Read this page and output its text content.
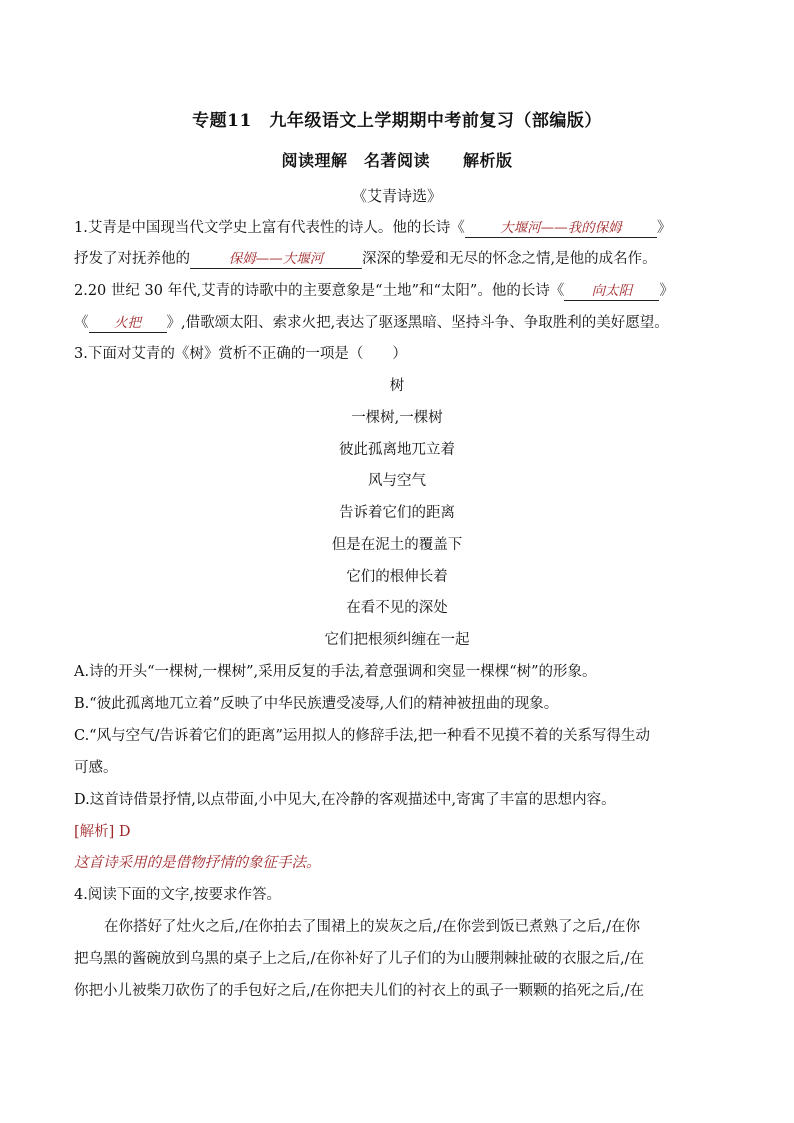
专题11　九年级语文上学期期中考前复习（部编版）
阅读理解　名著阅读　　解析版
《艾青诗选》
1.艾青是中国现当代文学史上富有代表性的诗人。他的长诗《	大堰河——我的保姆 》
抒发了对抚养他的	保姆——大堰河	深深的挚爱和无尽的怀念之情,是他的成名作。
2.20 世纪 30 年代,艾青的诗歌中的主要意象是“土地”和“太阳”。他的长诗《 向太阳 》
《 火把 》,借歌颂太阳、索求火把,表达了驱逐黑暗、坚持斗争、争取胜利的美好愿望。
3.下面对艾青的《树》赏析不正确的一项是（　　）
树
一棵树,一棵树
彼此孤离地兀立着
风与空气
告诉着它们的距离
但是在泥土的覆盖下
它们的根伸长着
在看不见的深处
它们把根须纠缠在一起
A.诗的开头“一棵树,一棵树”,采用反复的手法,着意强调和突显一棵棵“树”的形象。
B.“彼此孤离地兀立着”反映了中华民族遭受凌辱,人们的精神被扭曲的现象。
C.“风与空气/告诉着它们的距离”运用拟人的修辞手法,把一种看不见摸不着的关系写得生动
可感。
D.这首诗借景抒情,以点带面,小中见大,在冷静的客观描述中,寄寓了丰富的思想内容。
[解析] D
这首诗采用的是借物抒情的象征手法。
4.阅读下面的文字,按要求作答。
在你搭好了灶火之后,/在你拍去了围裙上的炭灰之后,/在你尝到饭已煮熟了之后,/在你
把乌黑的酱碗放到乌黑的桌子上之后,/在你补好了儿子们的为山腰荆棘扯破的衣服之后,/在
你把小儿被柴刀砍伤了的手包好之后,/在你把夫儿们的衬衣上的虱子一颗颗的掐死之后,/在
